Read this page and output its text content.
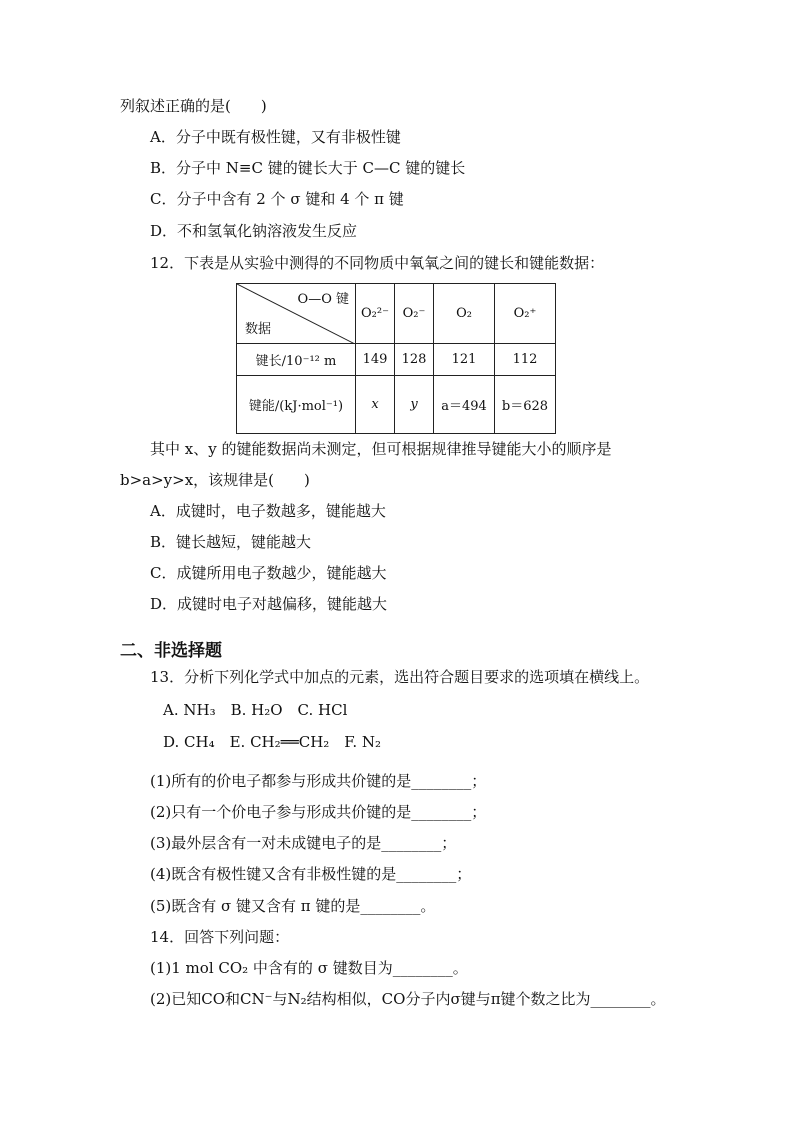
列叙述正确的是(　　)
A．分子中既有极性键，又有非极性键
B．分子中 N≡C 键的键长大于 C—C 键的键长
C．分子中含有 2 个 σ 键和 4 个 π 键
D．不和氢氧化钠溶液发生反应
12．下表是从实验中测得的不同物质中氧氧之间的键长和键能数据：
O—O 键
数据	O₂²⁻	O₂⁻	O₂	O₂⁺
键长/10⁻¹² m	149	128	121	112
键能/(kJ·mol⁻¹)	x	y	a＝494	b＝628
其中 x、y 的键能数据尚未测定，但可根据规律推导键能大小的顺序是
b>a>y>x，该规律是(　　)
A．成键时，电子数越多，键能越大
B．键长越短，键能越大
C．成键所用电子数越少，键能越大
D．成键时电子对越偏移，键能越大
二、非选择题
13．分析下列化学式中加点的元素，选出符合题目要求的选项填在横线上。
A. NH₃　B. H₂O　C. HCl
D. CH₄　E. CH₂══CH₂　F. N₂
(1)所有的价电子都参与形成共价键的是________；
(2)只有一个价电子参与形成共价键的是________；
(3)最外层含有一对未成键电子的是________；
(4)既含有极性键又含有非极性键的是________；
(5)既含有 σ 键又含有 π 键的是________。
14．回答下列问题：
(1)1 mol CO₂ 中含有的 σ 键数目为________。
(2)已知CO和CN⁻与N₂结构相似，CO分子内σ键与π键个数之比为________。
